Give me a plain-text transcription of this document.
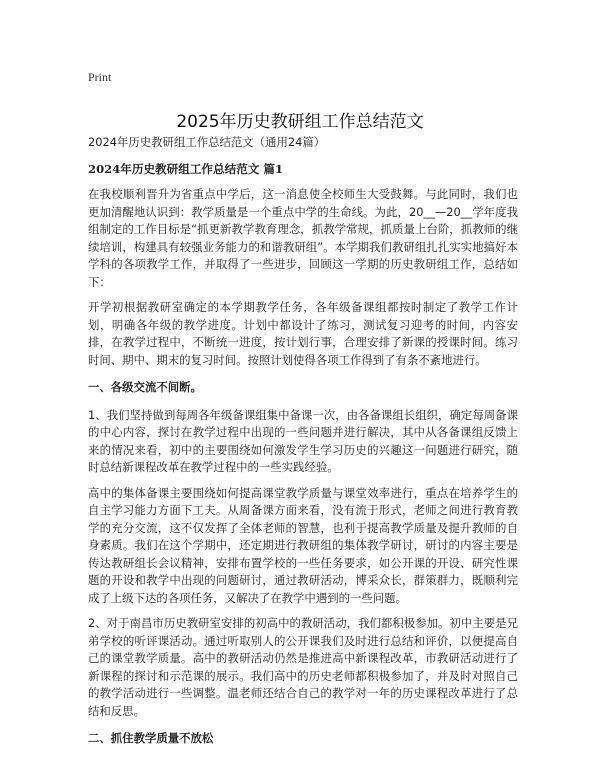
Print
2025年历史教研组工作总结范文

2024年历史教研组工作总结范文（通用24篇）

2024年历史教研组工作总结范文 篇1

在我校顺利晋升为省重点中学后，这一消息使全校师生大受鼓舞。与此同时，我们也更加清醒地认识到：教学质量是一个重点中学的生命线。为此，20__—20__学年度我组制定的工作目标是“抓更新教学教育理念，抓教学常规，抓质量上台阶，抓教师的继续培训，构建具有较强业务能力的和谐教研组”。本学期我们教研组扎扎实实地搞好本学科的各项教学工作，并取得了一些进步，回顾这一学期的历史教研组工作，总结如下：

开学初根据教研室确定的本学期教学任务，各年级备课组都按时制定了教学工作计划，明确各年级的教学进度。计划中都设计了练习，测试复习迎考的时间，内容安排，在教学过程中，不断统一进度，按计划行事，合理安排了新课的授课时间。练习时间、期中、期末的复习时间。按照计划使得各项工作得到了有条不紊地进行。

一、各级交流不间断。

1、我们坚持做到每周各年级备课组集中备课一次，由各备课组长组织，确定每周备课的中心内容，探讨在教学过程中出现的一些问题并进行解决，其中从各备课组反馈上来的情况来看，初中的主要围绕如何激发学生学习历史的兴趣这一问题进行研究，随时总结新课程改革在教学过程中的一些实践经验。

高中的集体备课主要围绕如何提高课堂教学质量与课堂效率进行，重点在培养学生的自主学习能力方面下工夫。从周备课方面来看，没有流于形式，老师之间进行教育教学的充分交流，这不仅发挥了全体老师的智慧，也利于提高教学质量及提升教师的自身素质。我们在这个学期中，还定期进行教研组的集体教学研讨，研讨的内容主要是传达教研组长会议精神，安排布置学校的一些任务要求，如公开课的开设、研究性课题的开设和教学中出现的问题研讨，通过教研活动，博采众长，群策群力，既顺利完成了上级下达的各项任务，又解决了在教学中遇到的一些问题。

2、对于南昌市历史教研室安排的初高中的教研活动，我们都积极参加。初中主要是兄弟学校的听评课活动。通过听取别人的公开课我们及时进行总结和评价，以便提高自己的课堂教学质量。高中的教研活动仍然是推进高中新课程改革，市教研活动进行了新课程的探讨和示范课的展示。我们高中的历史老师都积极参加了，并及时对照自己的教学活动进行一些调整。温老师还结合自己的教学对一年的历史课程改革进行了总结和反思。

二、抓住教学质量不放松
